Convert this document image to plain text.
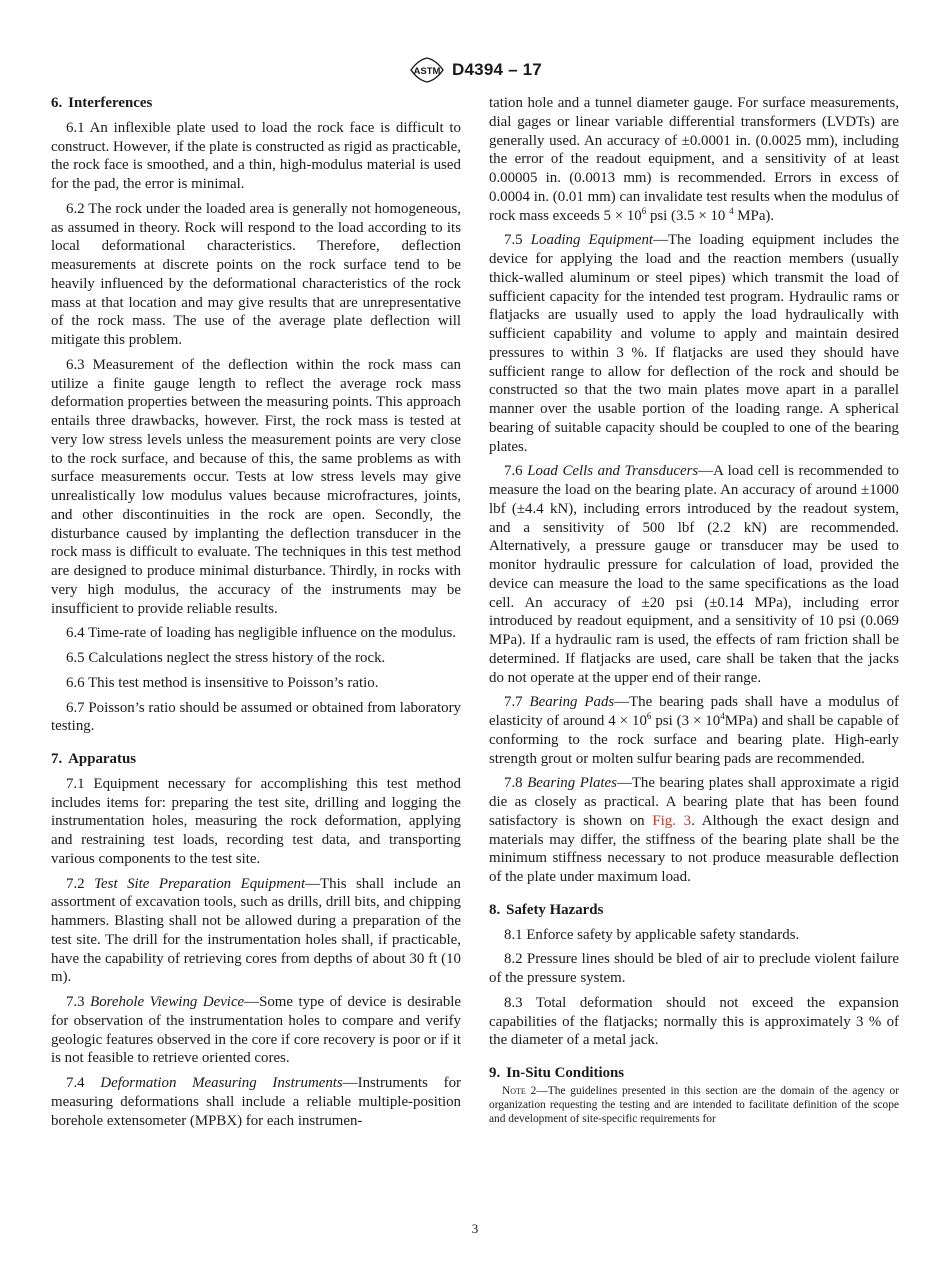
ASTM D4394 – 17
6. Interferences

6.1 An inflexible plate used to load the rock face is difficult to construct. However, if the plate is constructed as rigid as practicable, the rock face is smoothed, and a thin, high-modulus material is used for the pad, the error is minimal.

6.2 The rock under the loaded area is generally not homogeneous, as assumed in theory. Rock will respond to the load according to its local deformational characteristics. Therefore, deflection measurements at discrete points on the rock surface tend to be heavily influenced by the deformational characteristics of the rock mass at that location and may give results that are unrepresentative of the rock mass. The use of the average plate deflection will mitigate this problem.

6.3 Measurement of the deflection within the rock mass can utilize a finite gauge length to reflect the average rock mass deformation properties between the measuring points. This approach entails three drawbacks, however. First, the rock mass is tested at very low stress levels unless the measurement points are very close to the rock surface, and because of this, the same problems as with surface measurements occur. Tests at low stress levels may give unrealistically low modulus values because microfractures, joints, and other discontinuities in the rock are open. Secondly, the disturbance caused by implanting the deflection transducer in the rock mass is difficult to evaluate. The techniques in this test method are designed to produce minimal disturbance. Thirdly, in rocks with very high modulus, the accuracy of the instruments may be insufficient to provide reliable results.

6.4 Time-rate of loading has negligible influence on the modulus.

6.5 Calculations neglect the stress history of the rock.

6.6 This test method is insensitive to Poisson’s ratio.

6.7 Poisson’s ratio should be assumed or obtained from laboratory testing.

7. Apparatus

7.1 Equipment necessary for accomplishing this test method includes items for: preparing the test site, drilling and logging the instrumentation holes, measuring the rock deformation, applying and restraining test loads, recording test data, and transporting various components to the test site.

7.2 Test Site Preparation Equipment—This shall include an assortment of excavation tools, such as drills, drill bits, and chipping hammers. Blasting shall not be allowed during a preparation of the test site. The drill for the instrumentation holes shall, if practicable, have the capability of retrieving cores from depths of about 30 ft (10 m).

7.3 Borehole Viewing Device—Some type of device is desirable for observation of the instrumentation holes to compare and verify geologic features observed in the core if core recovery is poor or if it is not feasible to retrieve oriented cores.

7.4 Deformation Measuring Instruments—Instruments for measuring deformations shall include a reliable multiple-position borehole extensometer (MPBX) for each instrumen-

tation hole and a tunnel diameter gauge. For surface measurements, dial gages or linear variable differential transformers (LVDTs) are generally used. An accuracy of ±0.0001 in. (0.0025 mm), including the error of the readout equipment, and a sensitivity of at least 0.00005 in. (0.0013 mm) is recommended. Errors in excess of 0.0004 in. (0.01 mm) can invalidate test results when the modulus of rock mass exceeds $5 \times 10^6$ psi (3.5 × 10 $^4$ MPa).

7.5 Loading Equipment—The loading equipment includes the device for applying the load and the reaction members (usually thick-walled aluminum or steel pipes) which transmit the load of sufficient capacity for the intended test program. Hydraulic rams or flatjacks are usually used to apply the load hydraulically with sufficient capability and volume to apply and maintain desired pressures to within 3 %. If flatjacks are used they should have sufficient range to allow for deflection of the rock and should be constructed so that the two main plates move apart in a parallel manner over the usable portion of the loading range. A spherical bearing of suitable capacity should be coupled to one of the bearing plates.

7.6 Load Cells and Transducers—A load cell is recommended to measure the load on the bearing plate. An accuracy of around ±1000 lbf (±4.4 kN), including errors introduced by the readout system, and a sensitivity of 500 lbf (2.2 kN) are recommended. Alternatively, a pressure gauge or transducer may be used to monitor hydraulic pressure for calculation of load, provided the device can measure the load to the same specifications as the load cell. An accuracy of ±20 psi (±0.14 MPa), including error introduced by readout equipment, and a sensitivity of 10 psi (0.069 MPa). If a hydraulic ram is used, the effects of ram friction shall be determined. If flatjacks are used, care shall be taken that the jacks do not operate at the upper end of their range.

7.7 Bearing Pads—The bearing pads shall have a modulus of elasticity of around $4 \times 10^6$ psi $(3 \times 10^4MPa)$ and shall be capable of conforming to the rock surface and bearing plate. High-early strength grout or molten sulfur bearing pads are recommended.

7.8 Bearing Plates—The bearing plates shall approximate a rigid die as closely as practical. A bearing plate that has been found satisfactory is shown on Fig. 3. Although the exact design and materials may differ, the stiffness of the bearing plate shall be the minimum stiffness necessary to not produce measurable deflection of the plate under maximum load.

8. Safety Hazards

8.1 Enforce safety by applicable safety standards.

8.2 Pressure lines should be bled of air to preclude violent failure of the pressure system.

8.3 Total deformation should not exceed the expansion capabilities of the flatjacks; normally this is approximately 3 % of the diameter of a metal jack.

9. In-Situ Conditions

Note 2—The guidelines presented in this section are the domain of the agency or organization requesting the testing and are intended to facilitate definition of the scope and development of site-specific requirements for

3
